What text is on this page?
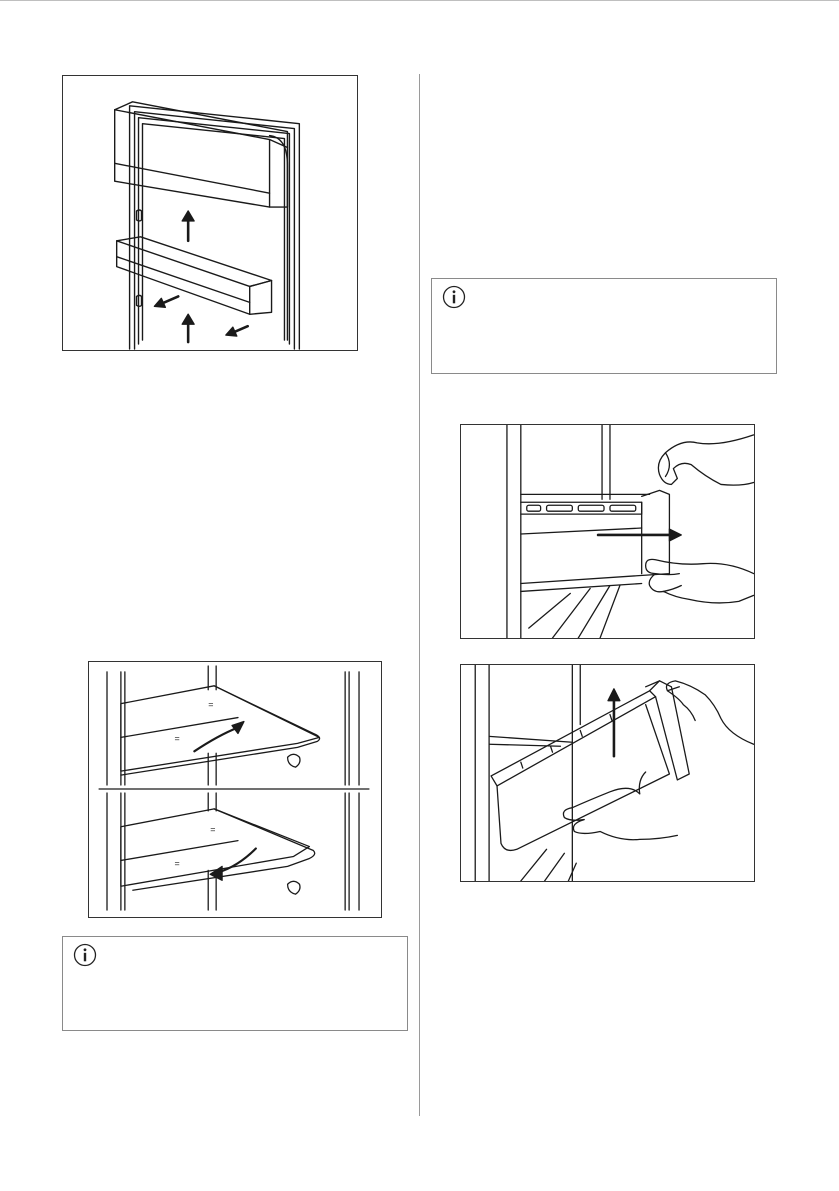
=
=
=
=
